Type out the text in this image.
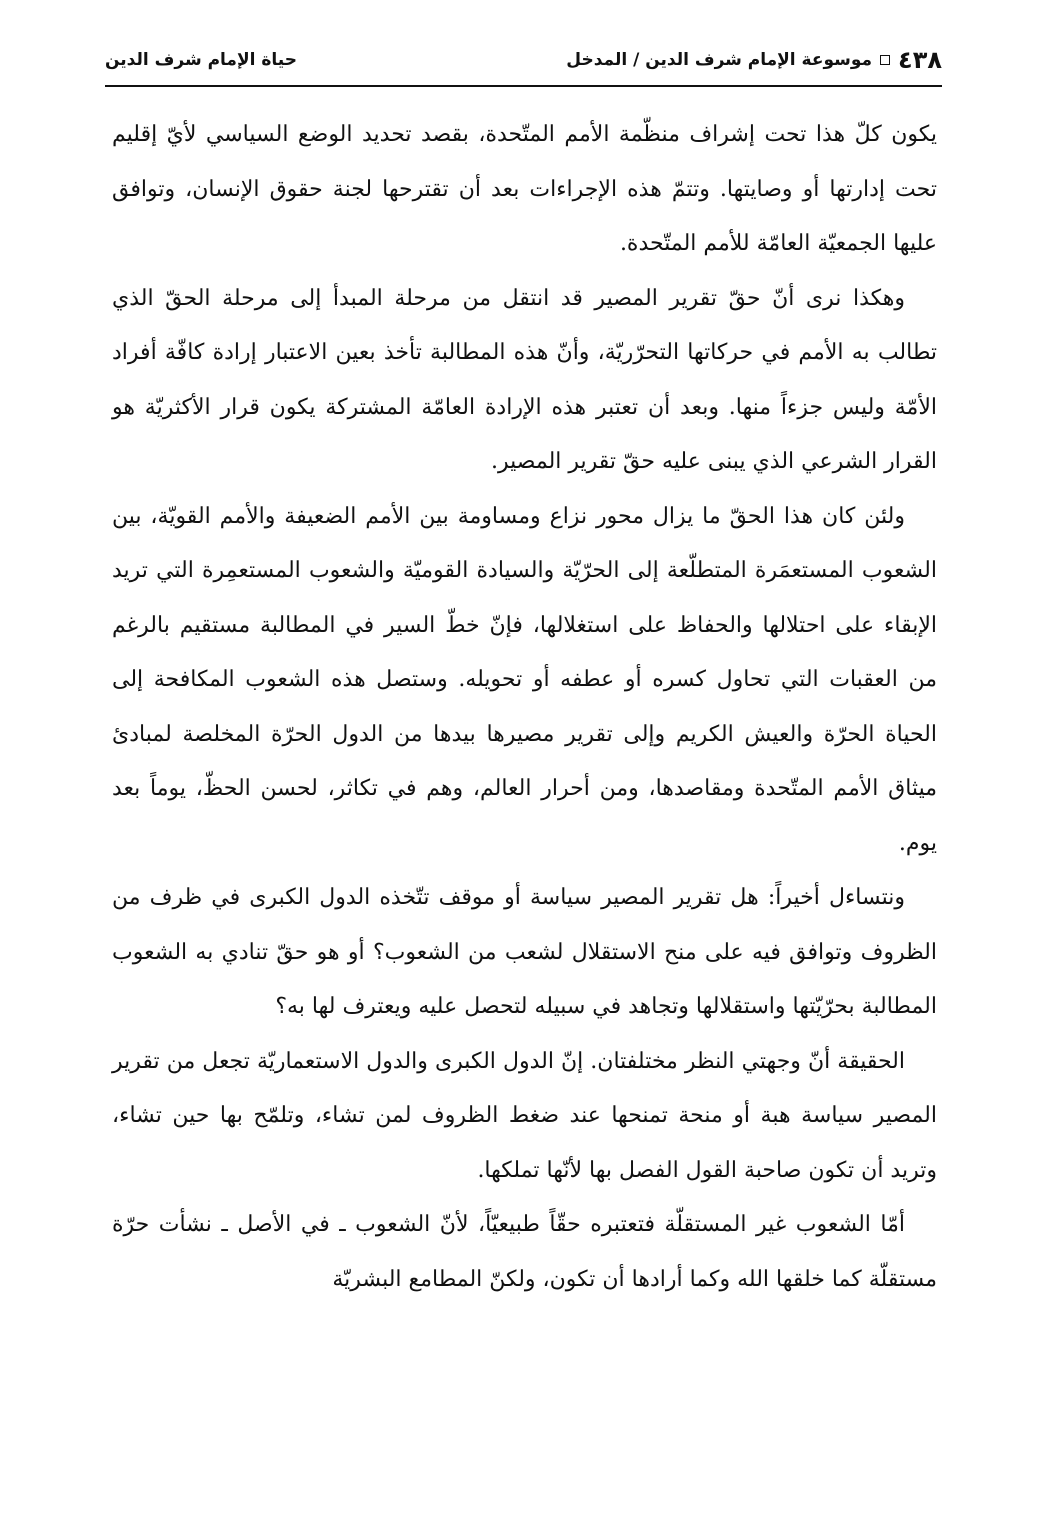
٤٣٨
موسوعة الإمام شرف الدين / المدخل
حياة الإمام شرف الدين

يكون كلّ هذا تحت إشراف منظّمة الأمم المتّحدة، بقصد تحديد الوضع السياسي لأيّ إقليم تحت إدارتها أو وصايتها. وتتمّ هذه الإجراءات بعد أن تقترحها لجنة حقوق الإنسان، وتوافق عليها الجمعيّة العامّة للأمم المتّحدة.

وهكذا نرى أنّ حقّ تقرير المصير قد انتقل من مرحلة المبدأ إلى مرحلة الحقّ الذي تطالب به الأمم في حركاتها التحرّريّة، وأنّ هذه المطالبة تأخذ بعين الاعتبار إرادة كافّة أفراد الأمّة وليس جزءاً منها. وبعد أن تعتبر هذه الإرادة العامّة المشتركة يكون قرار الأكثريّة هو القرار الشرعي الذي يبنى عليه حقّ تقرير المصير.

ولئن كان هذا الحقّ ما يزال محور نزاع ومساومة بين الأمم الضعيفة والأمم القويّة، بين الشعوب المستعمَرة المتطلّعة إلى الحرّيّة والسيادة القوميّة والشعوب المستعمِرة التي تريد الإبقاء على احتلالها والحفاظ على استغلالها، فإنّ خطّ السير في المطالبة مستقيم بالرغم من العقبات التي تحاول كسره أو عطفه أو تحويله. وستصل هذه الشعوب المكافحة إلى الحياة الحرّة والعيش الكريم وإلى تقرير مصيرها بيدها من الدول الحرّة المخلصة لمبادئ ميثاق الأمم المتّحدة ومقاصدها، ومن أحرار العالم، وهم في تكاثر، لحسن الحظّ، يوماً بعد يوم.

ونتساءل أخيراً: هل تقرير المصير سياسة أو موقف تتّخذه الدول الكبرى في ظرف من الظروف وتوافق فيه على منح الاستقلال لشعب من الشعوب؟ أو هو حقّ تنادي به الشعوب المطالبة بحرّيّتها واستقلالها وتجاهد في سبيله لتحصل عليه ويعترف لها به؟

الحقيقة أنّ وجهتي النظر مختلفتان. إنّ الدول الكبرى والدول الاستعماريّة تجعل من تقرير المصير سياسة هبة أو منحة تمنحها عند ضغط الظروف لمن تشاء، وتلمّح بها حين تشاء، وتريد أن تكون صاحبة القول الفصل بها لأنّها تملكها.

أمّا الشعوب غير المستقلّة فتعتبره حقّاً طبيعيّاً، لأنّ الشعوب ـ في الأصل ـ نشأت حرّة مستقلّة كما خلقها الله وكما أرادها أن تكون، ولكنّ المطامع البشريّة
